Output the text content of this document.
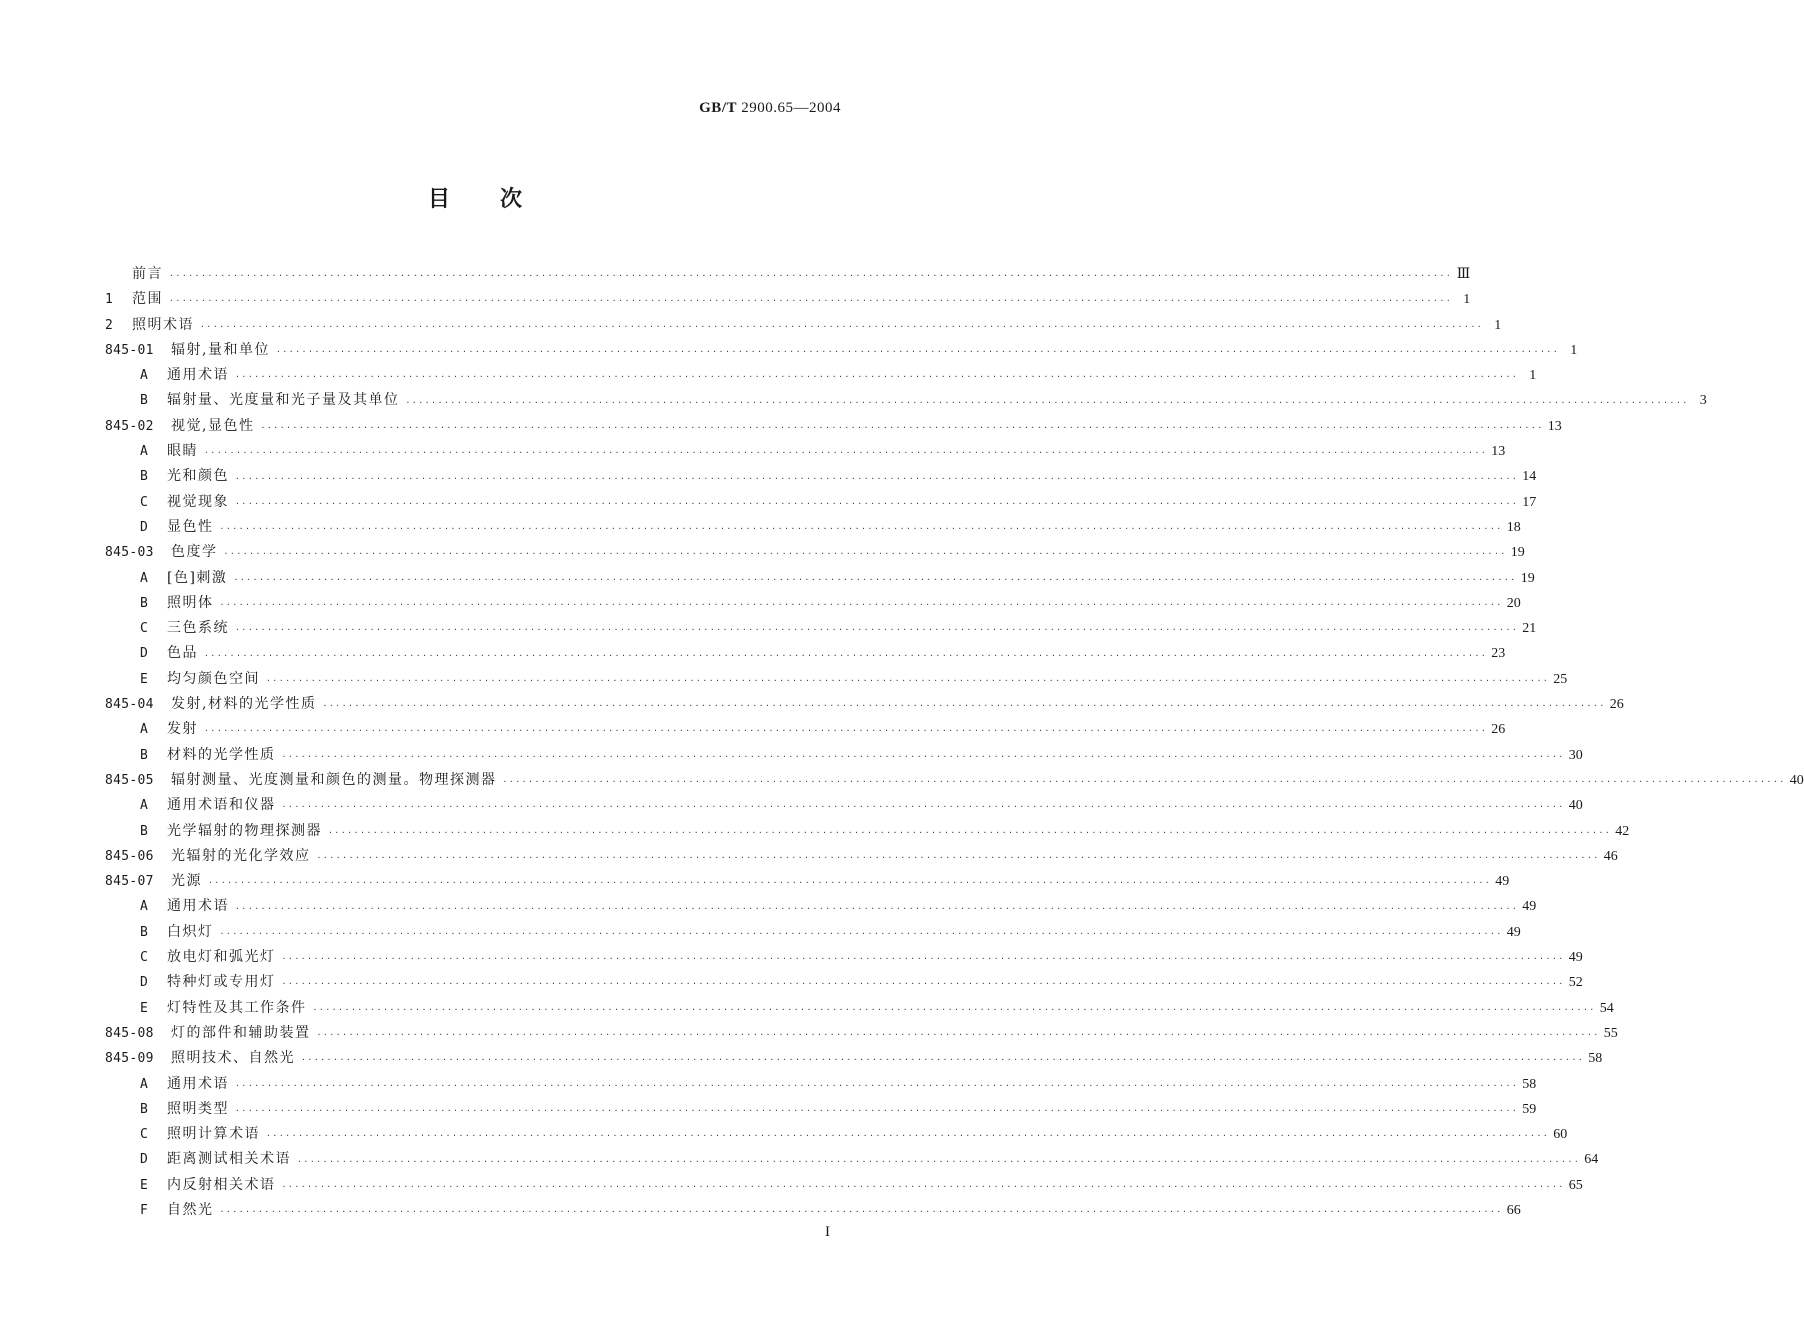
GB/T 2900.65—2004
目 次
前言 ········································································································································································································ Ⅲ
1	范围 ········································································································································································································ 1
2	照明术语 ········································································································································································································ 1
845-01	辐射,量和单位 ········································································································································································································ 1
A	通用术语 ········································································································································································································ 1
B	辐射量、光度量和光子量及其单位 ········································································································································································································ 3
845-02	视觉,显色性 ········································································································································································································ 13
A	眼睛 ········································································································································································································ 13
B	光和颜色 ········································································································································································································ 14
C	视觉现象 ········································································································································································································ 17
D	显色性 ········································································································································································································ 18
845-03	色度学 ········································································································································································································ 19
A	[色]刺激 ········································································································································································································ 19
B	照明体 ········································································································································································································ 20
C	三色系统 ········································································································································································································ 21
D	色品 ········································································································································································································ 23
E	均匀颜色空间 ········································································································································································································ 25
845-04	发射,材料的光学性质 ········································································································································································································ 26
A	发射 ········································································································································································································ 26
B	材料的光学性质 ········································································································································································································ 30
845-05	辐射测量、光度测量和颜色的测量。物理探测器 ········································································································································································································ 40
A	通用术语和仪器 ········································································································································································································ 40
B	光学辐射的物理探测器 ········································································································································································································ 42
845-06	光辐射的光化学效应 ········································································································································································································ 46
845-07	光源 ········································································································································································································ 49
A	通用术语 ········································································································································································································ 49
B	白炽灯 ········································································································································································································ 49
C	放电灯和弧光灯 ········································································································································································································ 49
D	特种灯或专用灯 ········································································································································································································ 52
E	灯特性及其工作条件 ········································································································································································································ 54
845-08	灯的部件和辅助装置 ········································································································································································································ 55
845-09	照明技术、自然光 ········································································································································································································ 58
A	通用术语 ········································································································································································································ 58
B	照明类型 ········································································································································································································ 59
C	照明计算术语 ········································································································································································································ 60
D	距离测试相关术语 ········································································································································································································ 64
E	内反射相关术语 ········································································································································································································ 65
F	自然光 ········································································································································································································ 66
I
